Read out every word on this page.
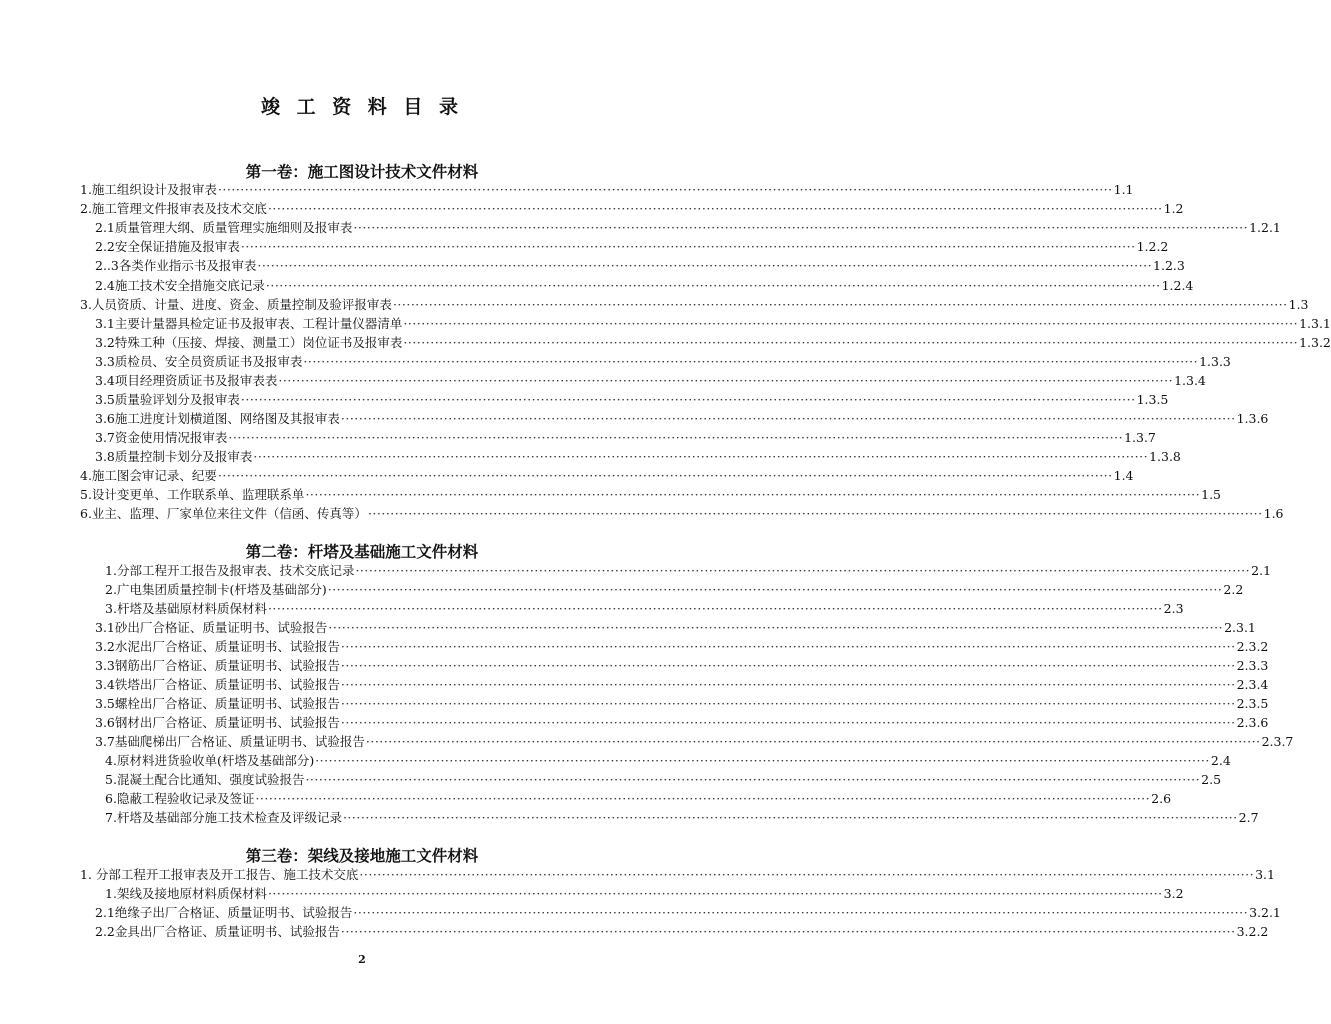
竣 工 资 料 目 录
第一卷：施工图设计技术文件材料
1.施工组织设计及报审表 ········································································································································································································ 1.1
2.施工管理文件报审表及技术交底 ········································································································································································································ 1.2
2.1质量管理大纲、质量管理实施细则及报审表 ········································································································································································································ 1.2.1
2.2安全保证措施及报审表 ········································································································································································································ 1.2.2
2..3各类作业指示书及报审表 ········································································································································································································ 1.2.3
2.4施工技术安全措施交底记录 ········································································································································································································ 1.2.4
3.人员资质、计量、进度、资金、质量控制及验评报审表 ········································································································································································································ 1.3
3.1主要计量器具检定证书及报审表、工程计量仪器清单 ········································································································································································································ 1.3.1
3.2特殊工种（压接、焊接、测量工）岗位证书及报审表 ········································································································································································································ 1.3.2
3.3质检员、安全员资质证书及报审表 ········································································································································································································ 1.3.3
3.4项目经理资质证书及报审表表 ········································································································································································································ 1.3.4
3.5质量验评划分及报审表 ········································································································································································································ 1.3.5
3.6施工进度计划横道图、网络图及其报审表 ········································································································································································································ 1.3.6
3.7资金使用情况报审表 ········································································································································································································ 1.3.7
3.8质量控制卡划分及报审表 ········································································································································································································ 1.3.8
4.施工图会审记录、纪要 ········································································································································································································ 1.4
5.设计变更单、工作联系单、监理联系单 ········································································································································································································ 1.5
6.业主、监理、厂家单位来往文件（信函、传真等） ········································································································································································································ 1.6
第二卷：杆塔及基础施工文件材料
1. 分部工程开工报告及报审表、技术交底记录 ········································································································································································································ 2.1
2. 广电集团质量控制卡(杆塔及基础部分) ········································································································································································································ 2.2
3. 杆塔及基础原材料质保材料 ········································································································································································································ 2.3
3.1砂出厂合格证、质量证明书、试验报告 ········································································································································································································ 2.3.1
3.2水泥出厂合格证、质量证明书、试验报告 ········································································································································································································ 2.3.2
3.3钢筋出厂合格证、质量证明书、试验报告 ········································································································································································································ 2.3.3
3.4铁塔出厂合格证、质量证明书、试验报告 ········································································································································································································ 2.3.4
3.5螺栓出厂合格证、质量证明书、试验报告 ········································································································································································································ 2.3.5
3.6钢材出厂合格证、质量证明书、试验报告 ········································································································································································································ 2.3.6
3.7基础爬梯出厂合格证、质量证明书、试验报告 ········································································································································································································ 2.3.7
4. 原材料进货验收单(杆塔及基础部分) ········································································································································································································ 2.4
5. 混凝土配合比通知、强度试验报告 ········································································································································································································ 2.5
6. 隐蔽工程验收记录及签证 ········································································································································································································ 2.6
7. 杆塔及基础部分施工技术检查及评级记录 ········································································································································································································ 2.7
第三卷：架线及接地施工文件材料
1. 分部工程开工报审表及开工报告、施工技术交底 ········································································································································································································ 3.1
1. 架线及接地原材料质保材料 ········································································································································································································ 3.2
2.1绝缘子出厂合格证、质量证明书、试验报告 ········································································································································································································ 3.2.1
2.2金具出厂合格证、质量证明书、试验报告 ········································································································································································································ 3.2.2
2
